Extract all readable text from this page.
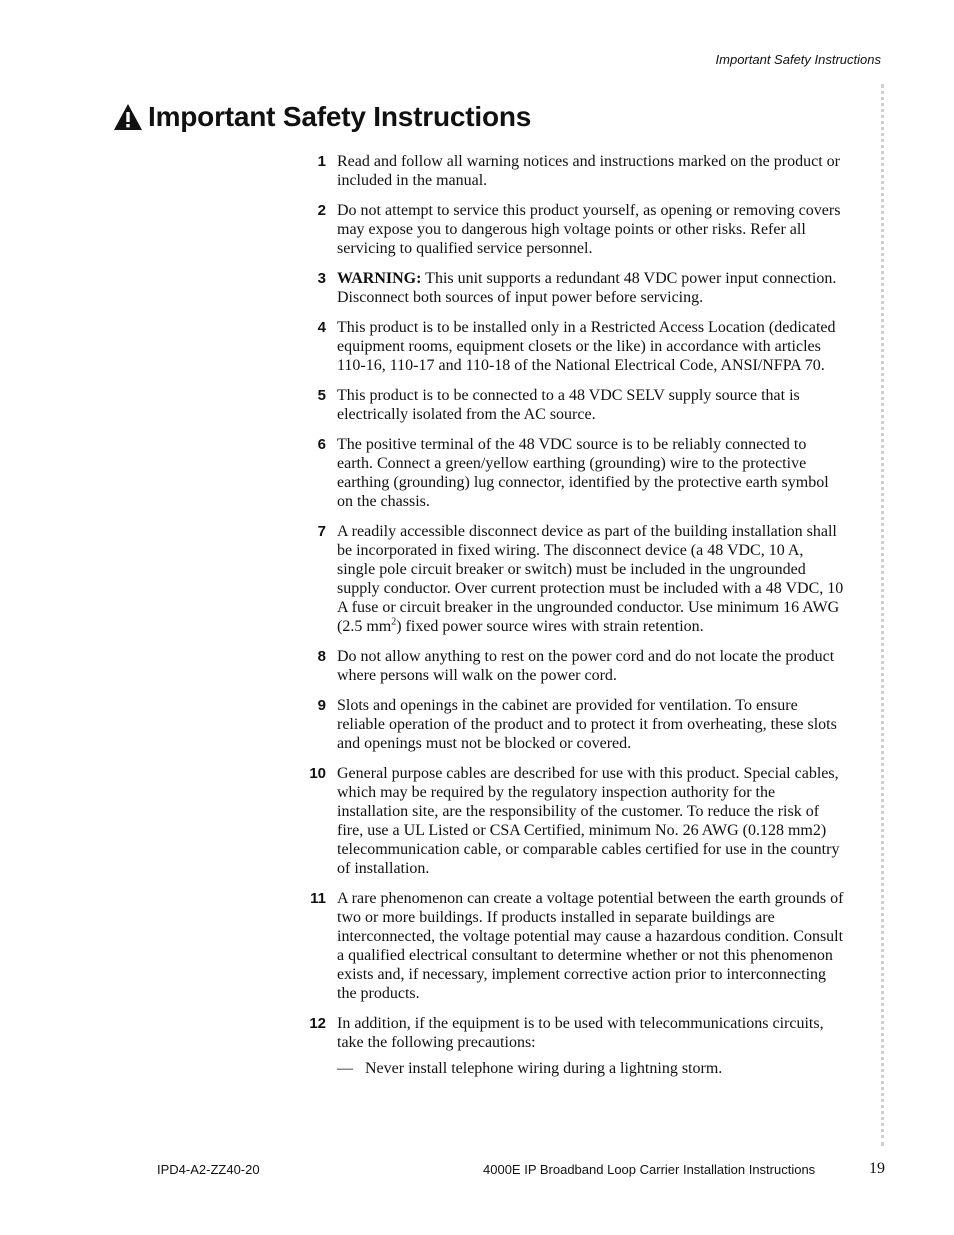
Important Safety Instructions
Important Safety Instructions
1 Read and follow all warning notices and instructions marked on the product or included in the manual.
2 Do not attempt to service this product yourself, as opening or removing covers may expose you to dangerous high voltage points or other risks. Refer all servicing to qualified service personnel.
3 WARNING: This unit supports a redundant 48 VDC power input connection. Disconnect both sources of input power before servicing.
4 This product is to be installed only in a Restricted Access Location (dedicated equipment rooms, equipment closets or the like) in accordance with articles 110-16, 110-17 and 110-18 of the National Electrical Code, ANSI/NFPA 70.
5 This product is to be connected to a 48 VDC SELV supply source that is electrically isolated from the AC source.
6 The positive terminal of the 48 VDC source is to be reliably connected to earth. Connect a green/yellow earthing (grounding) wire to the protective earthing (grounding) lug connector, identified by the protective earth symbol on the chassis.
7 A readily accessible disconnect device as part of the building installation shall be incorporated in fixed wiring. The disconnect device (a 48 VDC, 10 A, single pole circuit breaker or switch) must be included in the ungrounded supply conductor. Over current protection must be included with a 48 VDC, 10 A fuse or circuit breaker in the ungrounded conductor. Use minimum 16 AWG (2.5 $mm^2$) fixed power source wires with strain retention.
8 Do not allow anything to rest on the power cord and do not locate the product where persons will walk on the power cord.
9 Slots and openings in the cabinet are provided for ventilation. To ensure reliable operation of the product and to protect it from overheating, these slots and openings must not be blocked or covered.
10 General purpose cables are described for use with this product. Special cables, which may be required by the regulatory inspection authority for the installation site, are the responsibility of the customer. To reduce the risk of fire, use a UL Listed or CSA Certified, minimum No. 26 AWG (0.128 mm2) telecommunication cable, or comparable cables certified for use in the country of installation.
11 A rare phenomenon can create a voltage potential between the earth grounds of two or more buildings. If products installed in separate buildings are interconnected, the voltage potential may cause a hazardous condition. Consult a qualified electrical consultant to determine whether or not this phenomenon exists and, if necessary, implement corrective action prior to interconnecting the products.
12 In addition, if the equipment is to be used with telecommunications circuits, take the following precautions:
— Never install telephone wiring during a lightning storm.
IPD4-A2-ZZ40-20	4000E IP Broadband Loop Carrier Installation Instructions	19
